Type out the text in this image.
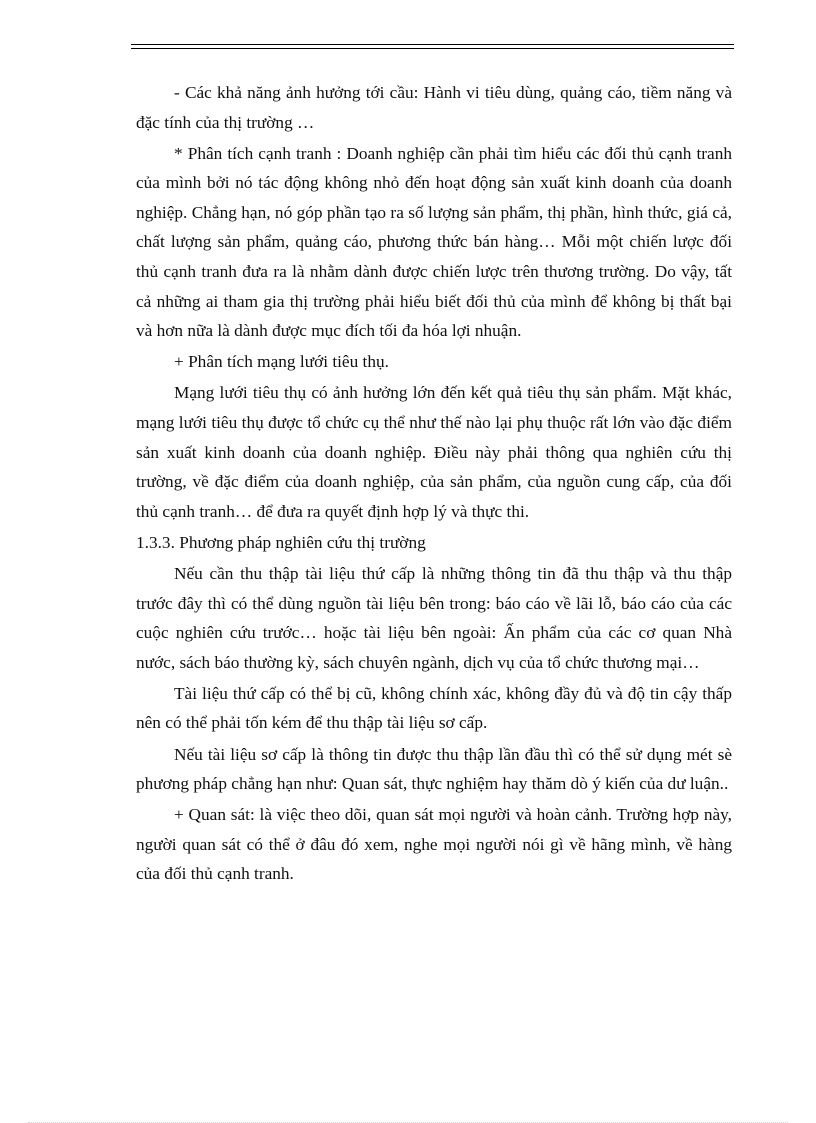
- Các khả năng ảnh hưởng tới cầu: Hành vi tiêu dùng, quảng cáo, tiềm năng và đặc tính của thị trường …

* Phân tích cạnh tranh : Doanh nghiệp cần phải tìm hiểu các đối thủ cạnh tranh của mình bởi nó tác động không nhỏ đến hoạt động sản xuất kinh doanh của doanh nghiệp. Chẳng hạn, nó góp phần tạo ra số lượng sản phẩm, thị phần, hình thức, giá cả, chất lượng sản phẩm, quảng cáo, phương thức bán hàng… Mỗi một chiến lược đối thủ cạnh tranh đưa ra là nhằm dành được chiến lược trên thương trường. Do vậy, tất cả những ai tham gia thị trường phải hiểu biết đối thủ của mình để không bị thất bại và hơn nữa là dành được mục đích tối đa hóa lợi nhuận.

+ Phân tích mạng lưới tiêu thụ.

Mạng lưới tiêu thụ có ảnh hưởng lớn đến kết quả tiêu thụ sản phẩm. Mặt khác, mạng lưới tiêu thụ được tổ chức cụ thể như thế nào lại phụ thuộc rất lớn vào đặc điểm sản xuất kinh doanh của doanh nghiệp. Điều này phải thông qua nghiên cứu thị trường, về đặc điểm của doanh nghiệp, của sản phẩm, của nguồn cung cấp, của đối thủ cạnh tranh… để đưa ra quyết định hợp lý và thực thi.

1.3.3. Phương pháp nghiên cứu thị trường

Nếu cần thu thập tài liệu thứ cấp là những thông tin đã thu thập và thu thập trước đây thì có thể dùng nguồn tài liệu bên trong: báo cáo về lãi lỗ, báo cáo của các cuộc nghiên cứu trước… hoặc tài liệu bên ngoài: Ấn phẩm của các cơ quan Nhà nước, sách báo thường kỳ, sách chuyên ngành, dịch vụ của tổ chức thương mại…

Tài liệu thứ cấp có thể bị cũ, không chính xác, không đầy đủ và độ tin cậy thấp nên có thể phải tốn kém để thu thập tài liệu sơ cấp.

Nếu tài liệu sơ cấp là thông tin được thu thập lần đầu thì có thể sử dụng mét sè phương pháp chẳng hạn như: Quan sát, thực nghiệm hay thăm dò ý kiến của dư luận..

+ Quan sát: là việc theo dõi, quan sát mọi người và hoàn cảnh. Trường hợp này, người quan sát có thể ở đâu đó xem, nghe mọi người nói gì về hãng mình, về hàng của đối thủ cạnh tranh.
